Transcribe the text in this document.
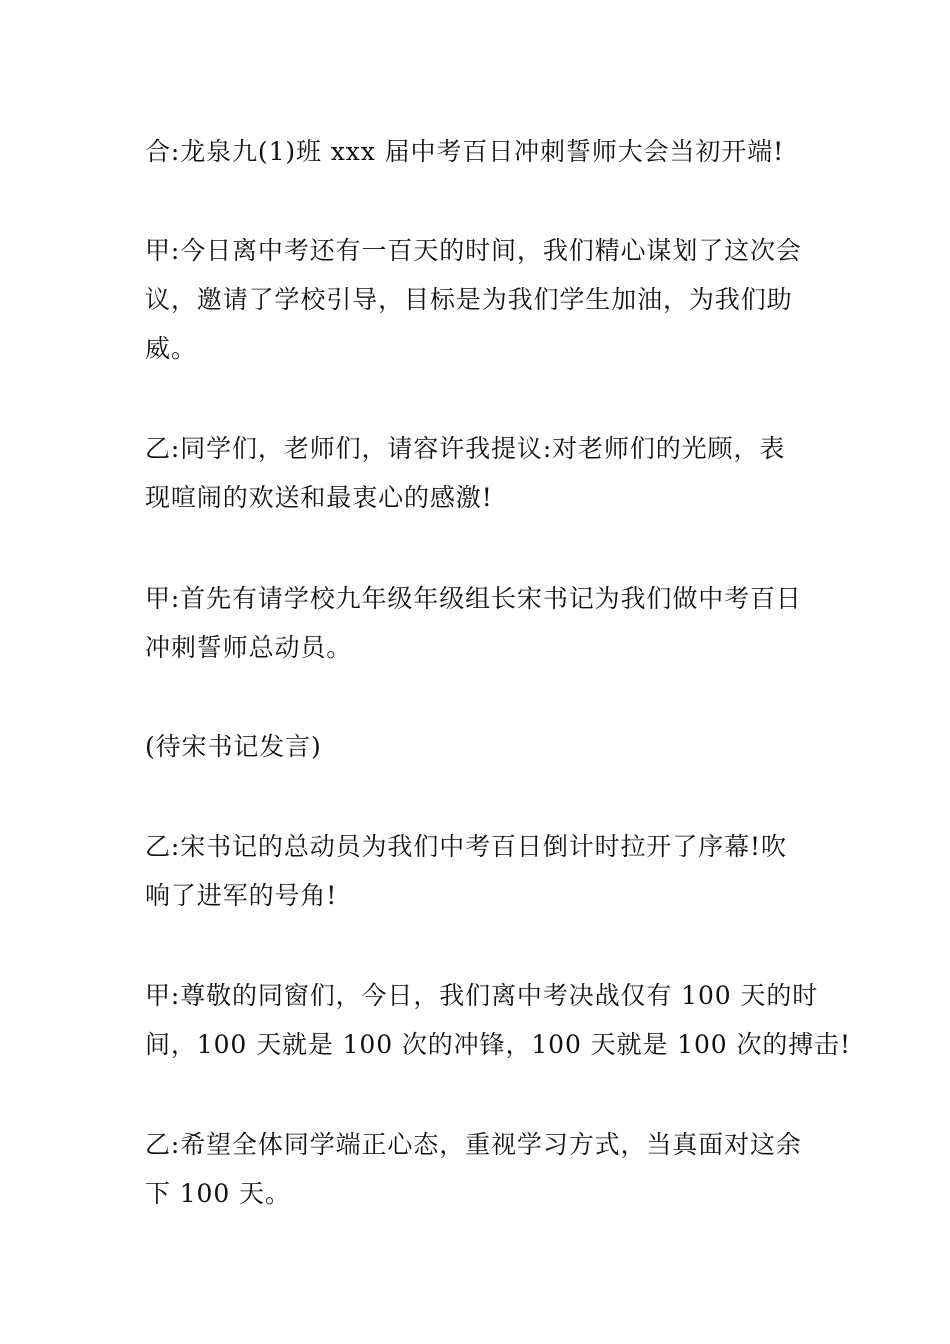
合:龙泉九(1)班 xxx 届中考百日冲刺誓师大会当初开端!

甲:今日离中考还有一百天的时间，我们精心谋划了这次会
议，邀请了学校引导，目标是为我们学生加油，为我们助
威。

乙:同学们，老师们，请容许我提议:对老师们的光顾，表
现喧闹的欢送和最衷心的感激!

甲:首先有请学校九年级年级组长宋书记为我们做中考百日
冲刺誓师总动员。

(待宋书记发言)

乙:宋书记的总动员为我们中考百日倒计时拉开了序幕!吹
响了进军的号角!

甲:尊敬的同窗们，今日，我们离中考决战仅有 100 天的时
间，100 天就是 100 次的冲锋，100 天就是 100 次的搏击!

乙:希望全体同学端正心态，重视学习方式，当真面对这余
下 100 天。
